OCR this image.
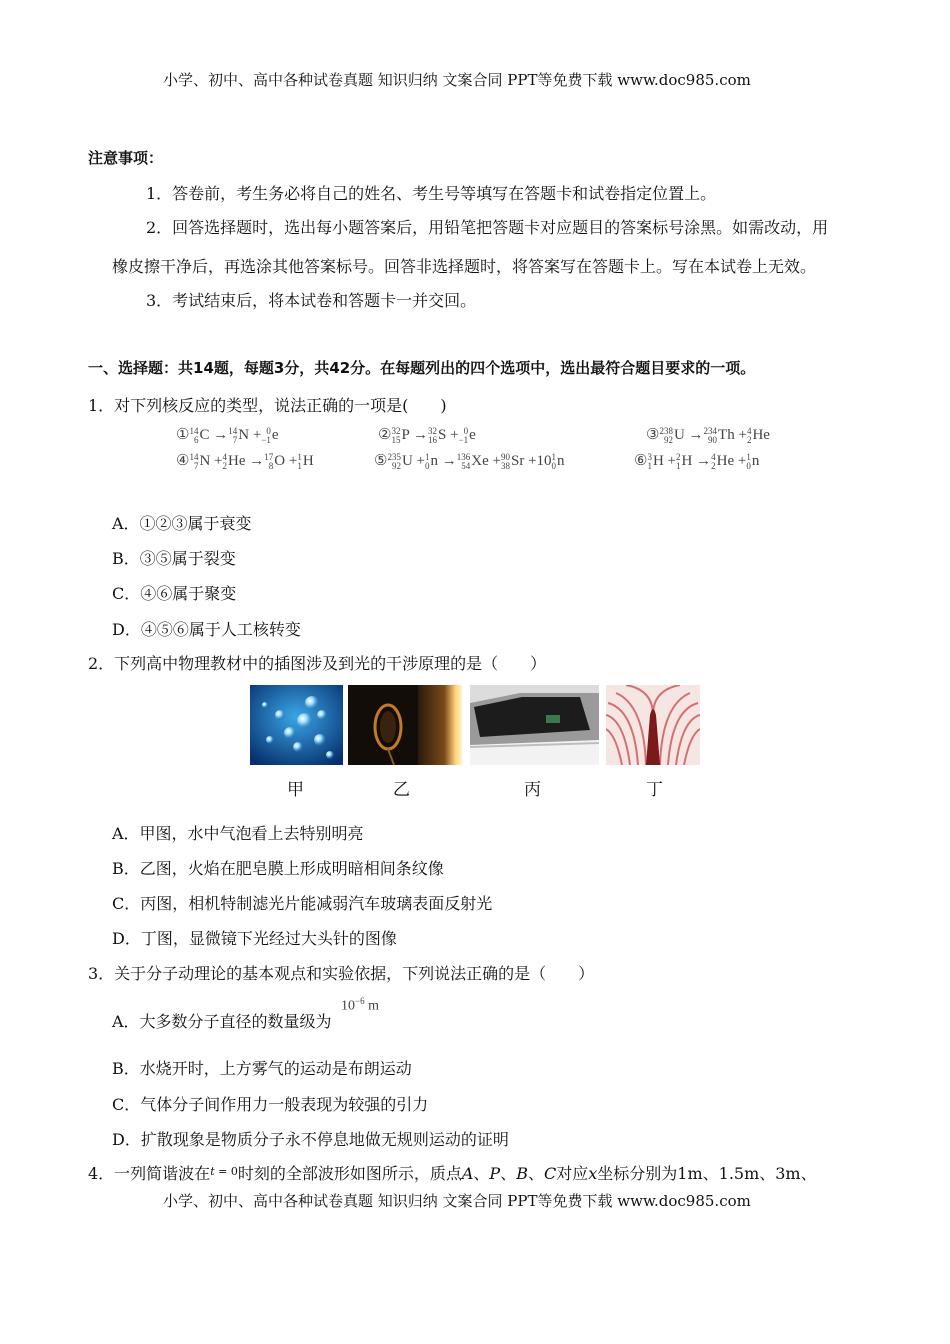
小学、初中、高中各种试卷真题 知识归纳 文案合同 PPT等免费下载 www.doc985.com
小学、初中、高中各种试卷真题 知识归纳 文案合同 PPT等免费下载 www.doc985.com
注意事项：
1．答卷前，考生务必将自己的姓名、考生号等填写在答题卡和试卷指定位置上。
2．回答选择题时，选出每小题答案后，用铅笔把答题卡对应题目的答案标号涂黑。如需改动，用
橡皮擦干净后，再选涂其他答案标号。回答非选择题时，将答案写在答题卡上。写在本试卷上无效。
3．考试结束后，将本试卷和答题卡一并交回。
一、选择题：共14题，每题3分，共42分。在每题列出的四个选项中，选出最符合题目要求的一项。
1．对下列核反应的类型，说法正确的一项是(　　)
① 14
6 C → 14
7 N + 0
−1 e	② 32
15 P → 32
16 S + 0
−1 e	③ 238
92 U → 234
90 Th + 4
2 He
④ 14
7 N + 4
2 He → 17
8 O + 1
1 H	⑤ 235
92 U + 1
0 n → 136
54 Xe + 90
38 Sr +10 1
0 n	⑥ 3
1 H + 2
1 H → 4
2 He + 1
0 n
A．①②③属于衰变
B．③⑤属于裂变
C．④⑥属于聚变
D．④⑤⑥属于人工核转变
2．下列高中物理教材中的插图涉及到光的干涉原理的是（　　）
甲	乙	丙	丁
A．甲图，水中气泡看上去特别明亮
B．乙图，火焰在肥皂膜上形成明暗相间条纹像
C．丙图，相机特制滤光片能减弱汽车玻璃表面反射光
D．丁图，显微镜下光经过大头针的图像
3．关于分子动理论的基本观点和实验依据，下列说法正确的是（　　）
A．大多数分子直径的数量级为
$10^{-6}$ m
B．水烧开时，上方雾气的运动是布朗运动
C．气体分子间作用力一般表现为较强的引力
D．扩散现象是物质分子永不停息地做无规则运动的证明
4．一列简谐波在$^t$ $^{= 0}$时刻的全部波形如图所示，质点A、P、B、C对应x坐标分别为1m、1.5m、3m、
